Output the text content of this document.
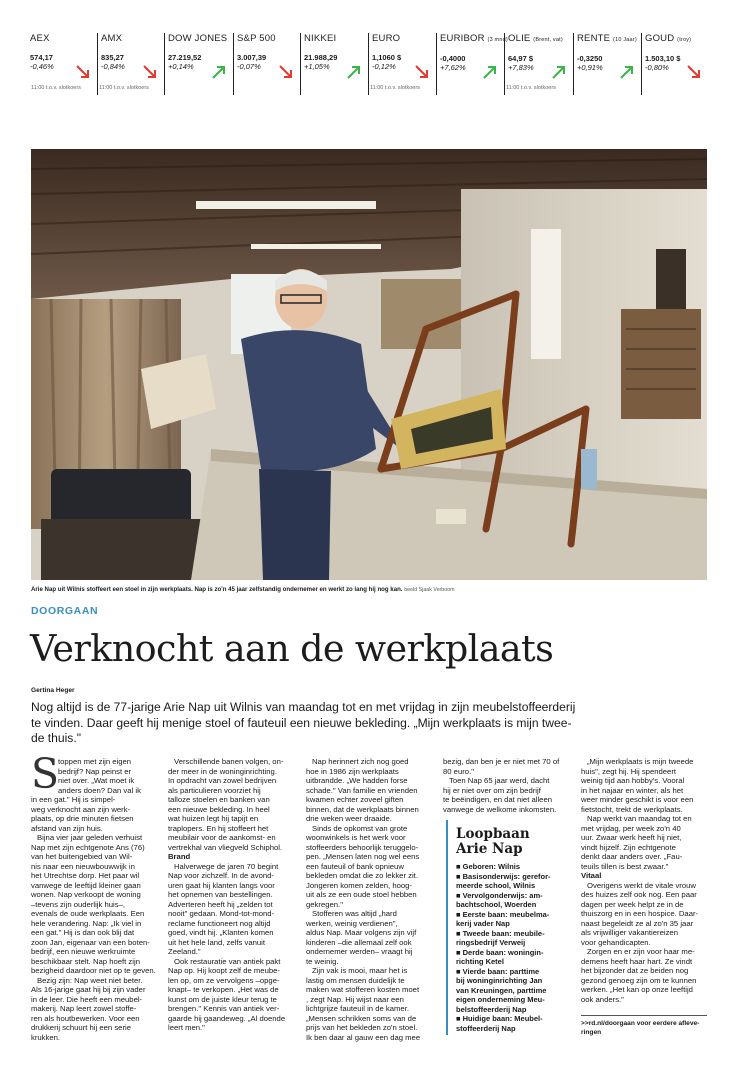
AEX
574,17
-0,46%
11:00 t.o.v. slotkoers
AMX
835,27
-0,84%
11:00 t.o.v. slotkoers
DOW JONES
27.219,52
+0,14%
S&P 500
3.007,39
-0,07%
NIKKEI
21.988,29
+1,05%
EURO
1,1060 $
-0,12%
11:00 t.o.v. slotkoers
EURIBOR (3 mnd)
-0,4000
+7,62%
OLIE (Brent, vat)
64,97 $
+7,83%
11:00 t.o.v. slotkoers
RENTE (10 Jaar)
-0,3250
+0,91%
GOUD (troy)
1.503,10 $
-0,80%
Arie Nap uit Wilnis stoffeert een stoel in zijn werkplaats. Nap is zo'n 45 jaar zelfstandig ondernemer en werkt zo lang hij nog kan. beeld Sjaak Verboom
DOORGAAN
Verknocht aan de werkplaats
Gertina Heger
Nog altijd is de 77-jarige Arie Nap uit Wilnis van maandag tot en met vrijdag in zijn meubelstoffeerderij
te vinden. Daar geeft hij menige stoel of fauteuil een nieuwe bekleding. „Mijn werkplaats is mijn twee-
de thuis."
S

toppen met zijn eigen
bedrijf? Nap peinst er
niet over. „Wat moet ik
anders doen? Dan val ik
in een gat." Hij is simpel-
weg verknocht aan zijn werk-
plaats, op drie minuten fietsen
afstand van zijn huis.

Bijna vier jaar geleden verhuist
Nap met zijn echtgenote Ans (76)
van het buitengebied van Wil-
nis naar een nieuwbouwwijk in
het Utrechtse dorp. Het paar wil
vanwege de leeftijd kleiner gaan
wonen. Nap verkoopt de woning
–tevens zijn ouderlijk huis–,
evenals de oude werkplaats. Een
hele verandering. Nap: „Ik viel in
een gat." Hij is dan ook blij dat
zoon Jan, eigenaar van een boten-
bedrijf, een nieuwe werkruimte
beschikbaar stelt. Nap hoeft zijn
bezigheid daardoor niet op te geven.

Bezig zijn: Nap weet niet beter.
Als 16-jarige gaat hij bij zijn vader
in de leer. Die heeft een meubel-
makerij. Nap leert zowel stoffe-
ren als houtbewerken. Voor een
drukkerij schuurt hij een serie
krukken.

Verschillende banen volgen, on-
der meer in de woninginrichting.
In opdracht van zowel bedrijven
als particulieren voorziet hij
talloze stoelen en banken van
een nieuwe bekleding. In heel
wat huizen legt hij tapijt en
traplopers. En hij stoffeert het
meubilair voor de aankomst- en
vertrekhal van vliegveld Schiphol.

Brand

Halverwege de jaren 70 begint
Nap voor zichzelf. In de avond-
uren gaat hij klanten langs voor
het opnemen van bestellingen.
Adverteren heeft hij „zelden tot
nooit" gedaan. Mond-tot-mond-
reclame functioneert nog altijd
goed, vindt hij. „Klanten komen
uit het hele land, zelfs vanuit
Zeeland."

Ook restauratie van antiek pakt
Nap op. Hij koopt zelf de meube-
len op, om ze vervolgens –opge-
knapt– te verkopen. „Het was de
kunst om de juiste kleur terug te
brengen." Kennis van antiek ver-
gaarde hij gaandeweg. „Al doende
leert men."

Nap herinnert zich nog goed
hoe in 1986 zijn werkplaats
uitbrandde. „We hadden forse
schade." Van familie en vrienden
kwamen echter zoveel giften
binnen, dat de werkplaats binnen
drie weken weer draaide.

Sinds de opkomst van grote
woonwinkels is het werk voor
stoffeerders behoorlijk teruggelo-
pen. „Mensen laten nog wel eens
een fauteuil of bank opnieuw
bekleden omdat die zo lekker zit.
Jongeren komen zelden, hoog-
uit als ze een oude stoel hebben
gekregen."

Stofferen was altijd „hard
werken, weinig verdienen",
aldus Nap. Maar volgens zijn vijf
kinderen –die allemaal zelf ook
ondernemer werden– vraagt hij
te weinig.

Zijn vak is mooi, maar het is
lastig om mensen duidelijk te
maken wat stofferen kosten moet
, zegt Nap. Hij wijst naar een
lichtgrijze fauteuil in de kamer.
„Mensen schrikken soms van de
prijs van het bekleden zo'n stoel.
Ik ben daar al gauw een dag mee

bezig, dan ben je er niet met 70 of
80 euro."

Toen Nap 65 jaar werd, dacht
hij er niet over om zijn bedrijf
te beëindigen, en dat niet alleen
vanwege de welkome inkomsten.

Loopbaan
Arie Nap
■ Geboren: Wilnis
■ Basisonderwijs: gerefor-
meerde school, Wilnis
■ Vervolgonderwijs: am-
bachtschool, Woerden
■ Eerste baan: meubelma-
kerij vader Nap
■ Tweede baan: meubile-
ringsbedrijf Verweij
■ Derde baan: woningin-
richting Ketel
■ Vierde baan: parttime
bij woninginrichting Jan
van Kreuningen, parttime
eigen onderneming Meu-
belstoffeerderij Nap
■ Huidige baan: Meubel-
stoffeerderij Nap

„Mijn werkplaats is mijn tweede
huis", zegt hij. Hij spendeert
weinig tijd aan hobby's. Vooral
in het najaar en winter, als het
weer minder geschikt is voor een
fietstocht, trekt de werkplaats.

Nap werkt van maandag tot en
met vrijdag, per week zo'n 40
uur. Zwaar werk heeft hij niet,
vindt hijzelf. Zijn echtgenote
denkt daar anders over. „Fau-
teuils tillen is best zwaar."

Vitaal

Overigens werkt de vitale vrouw
des huizes zelf ook nog. Een paar
dagen per week helpt ze in de
thuiszorg en in een hospice. Daar-
naast begeleidt ze al zo'n 35 jaar
als vrijwilliger vakantiereizen
voor gehandicapten.

Zorgen en er zijn voor haar me-
demens heeft haar hart. Ze vindt
het bijzonder dat ze beiden nog
gezond genoeg zijn om te kunnen
werken. „Het kan op onze leeftijd
ook anders."

>>rd.nl/doorgaan voor eerdere afleve-
ringen
